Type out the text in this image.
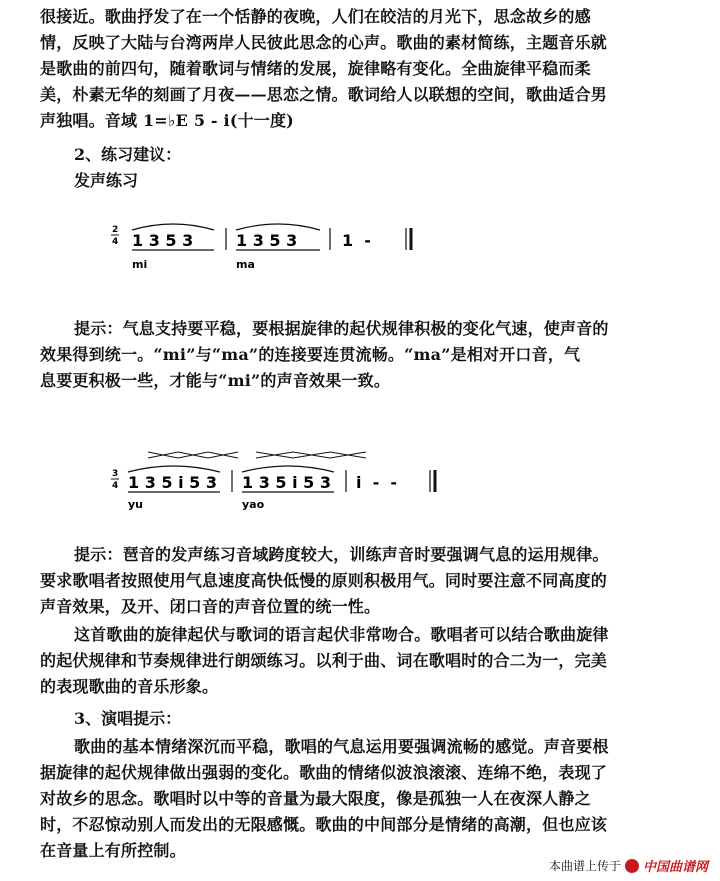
很接近。歌曲抒发了在一个恬静的夜晚，人们在皎洁的月光下，思念故乡的感

情，反映了大陆与台湾两岸人民彼此思念的心声。歌曲的素材简练，主题音乐就

是歌曲的前四句，随着歌词与情绪的发展，旋律略有变化。全曲旋律平稳而柔

美，朴素无华的刻画了月夜——思恋之情。歌词给人以联想的空间，歌曲适合男

声独唱。音域 1=♭E 5 - i(十一度)

2、练习建议：
发声练习
2
4 1 3 5 3	1 3 5 3	1  -
mi	ma

提示：气息支持要平稳，要根据旋律的起伏规律积极的变化气速，使声音的

效果得到统一。“mi”与“ma”的连接要连贯流畅。“ma”是相对开口音，气

息要更积极一些，才能与“mi”的声音效果一致。

3
4 1 3 5 i 5 3 1 3 5 i 5 3 i  -  -
yu	yao

提示：琶音的发声练习音域跨度较大，训练声音时要强调气息的运用规律。

要求歌唱者按照使用气息速度高快低慢的原则积极用气。同时要注意不同高度的

声音效果，及开、闭口音的声音位置的统一性。

这首歌曲的旋律起伏与歌词的语言起伏非常吻合。歌唱者可以结合歌曲旋律

的起伏规律和节奏规律进行朗颂练习。以利于曲、词在歌唱时的合二为一，完美

的表现歌曲的音乐形象。

3、演唱提示：

歌曲的基本情绪深沉而平稳，歌唱的气息运用要强调流畅的感觉。声音要根

据旋律的起伏规律做出强弱的变化。歌曲的情绪似波浪滚滚、连绵不绝，表现了

对故乡的思念。歌唱时以中等的音量为最大限度，像是孤独一人在夜深人静之

时，不忍惊动别人而发出的无限感慨。歌曲的中间部分是情绪的高潮，但也应该

在音量上有所控制。

本曲谱上传于 中国曲谱网
